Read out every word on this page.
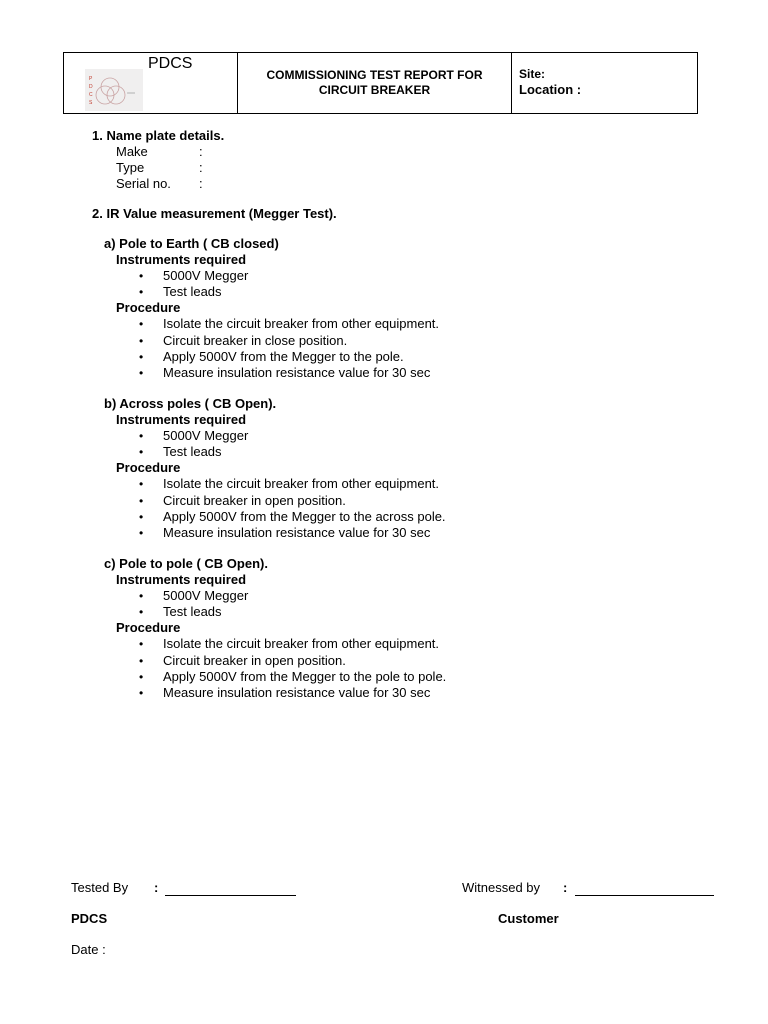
P
D
C
S
PDCS
COMMISSIONING TEST REPORT FOR
CIRCUIT BREAKER
Site:
Location :
1. Name plate details.
Make	:
Type	:
Serial no. :
2. IR Value measurement (Megger Test).
a) Pole to Earth ( CB closed)
Instruments required
• 5000V Megger
• Test leads
Procedure
• Isolate the circuit breaker from other equipment.
• Circuit breaker in close position.
• Apply 5000V from the Megger to the pole.
• Measure insulation resistance value for 30 sec
b) Across poles ( CB Open).
Instruments required
• 5000V Megger
• Test leads
Procedure
• Isolate the circuit breaker from other equipment.
• Circuit breaker in open position.
• Apply 5000V from the Megger to the across pole.
• Measure insulation resistance value for 30 sec
c) Pole to pole ( CB Open).
Instruments required
• 5000V Megger
• Test leads
Procedure
• Isolate the circuit breaker from other equipment.
• Circuit breaker in open position.
• Apply 5000V from the Megger to the pole to pole.
• Measure insulation resistance value for 30 sec
Tested By :	Witnessed by :
PDCS	Customer
Date :
